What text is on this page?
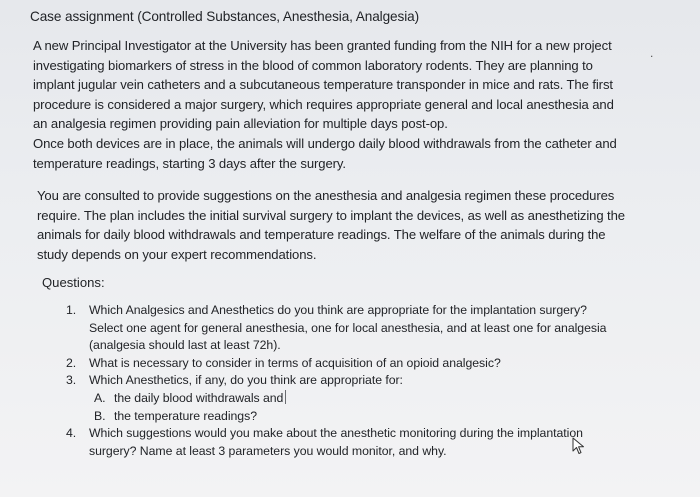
Case assignment (Controlled Substances, Anesthesia, Analgesia)
.
A new Principal Investigator at the University has been granted funding from the NIH for a new project
investigating biomarkers of stress in the blood of common laboratory rodents. They are planning to
implant jugular vein catheters and a subcutaneous temperature transponder in mice and rats. The first
procedure is considered a major surgery, which requires appropriate general and local anesthesia and
an analgesia regimen providing pain alleviation for multiple days post-op.
Once both devices are in place, the animals will undergo daily blood withdrawals from the catheter and
temperature readings, starting 3 days after the surgery.
You are consulted to provide suggestions on the anesthesia and analgesia regimen these procedures
require. The plan includes the initial survival surgery to implant the devices, as well as anesthetizing the
animals for daily blood withdrawals and temperature readings. The welfare of the animals during the
study depends on your expert recommendations.
Questions:
1. Which Analgesics and Anesthetics do you think are appropriate for the implantation surgery?
Select one agent for general anesthesia, one for local anesthesia, and at least one for analgesia
(analgesia should last at least 72h).
2. What is necessary to consider in terms of acquisition of an opioid analgesic?
3. Which Anesthetics, if any, do you think are appropriate for:
A. the daily blood withdrawals and
B. the temperature readings?
4. Which suggestions would you make about the anesthetic monitoring during the implantation
surgery? Name at least 3 parameters you would monitor, and why.
